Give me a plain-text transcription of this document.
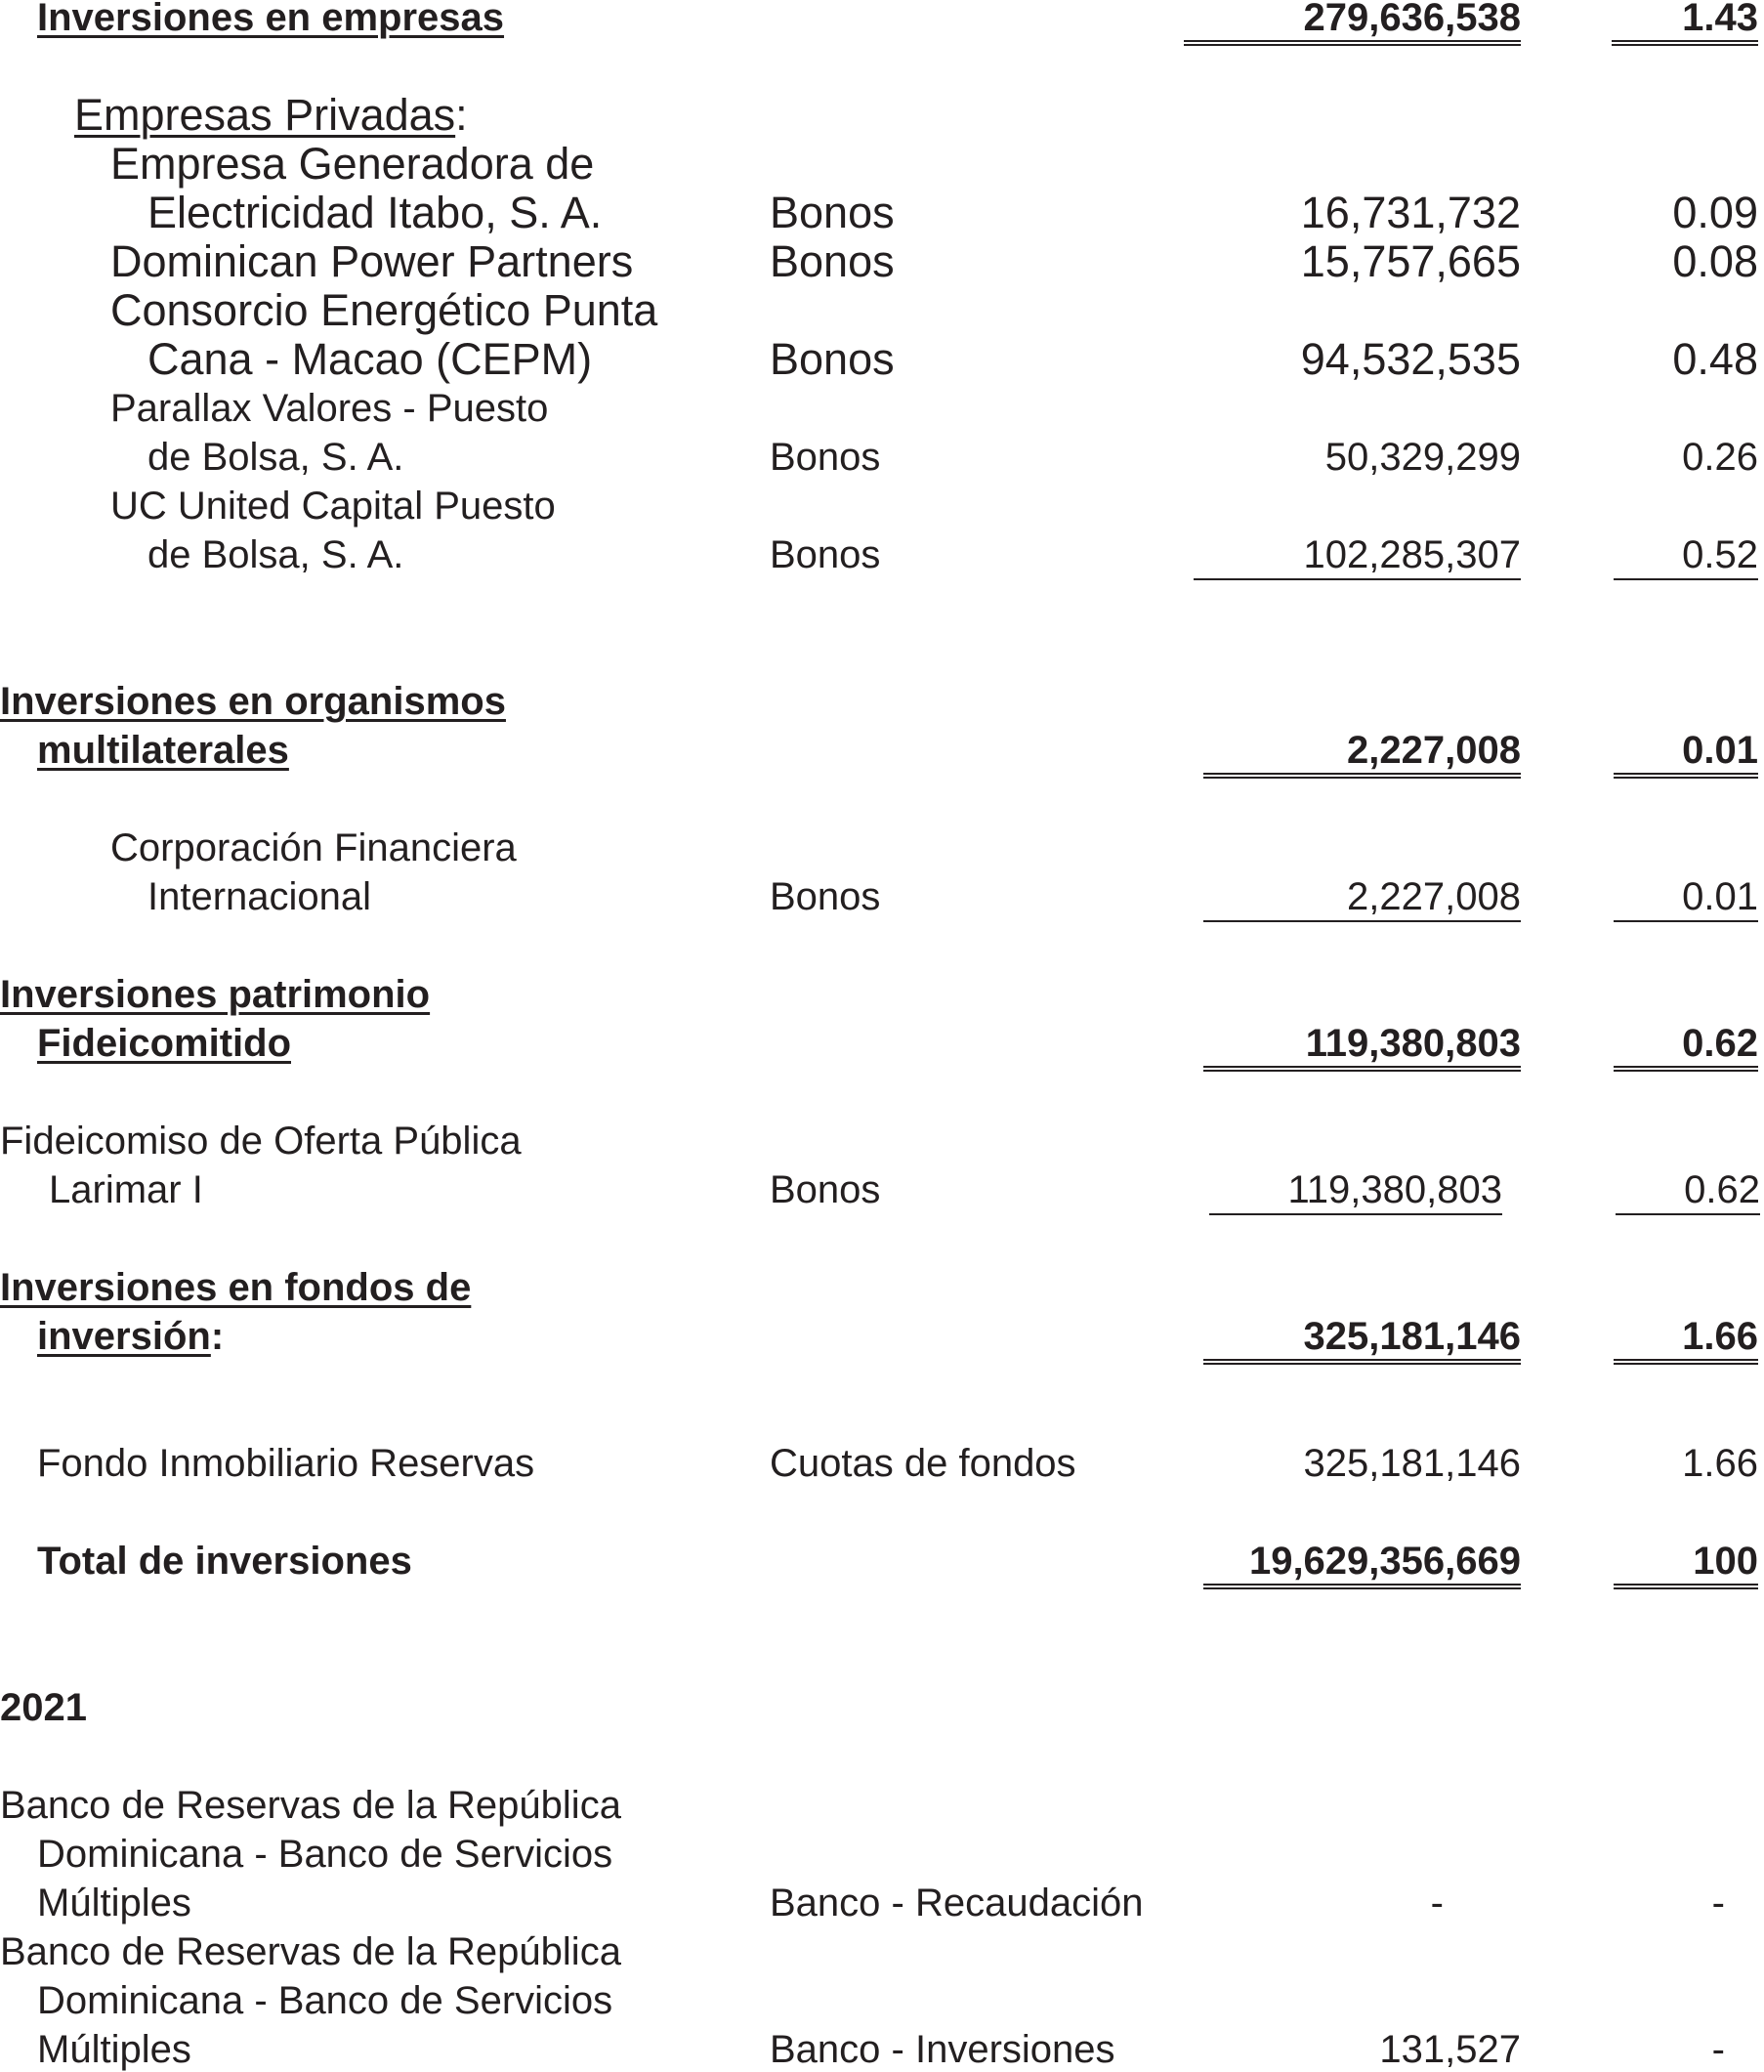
Inversiones en empresas	279,636,538	1.43
Empresas Privadas:
Empresa Generadora de
Electricidad Itabo, S. A.	Bonos	16,731,732	0.09
Dominican Power Partners	Bonos	15,757,665	0.08
Consorcio Energético Punta
Cana - Macao (CEPM)	Bonos	94,532,535	0.48
Parallax Valores - Puesto
de Bolsa, S. A.	Bonos	50,329,299	0.26
UC United Capital Puesto
de Bolsa, S. A.	Bonos	102,285,307	0.52
Inversiones en organismos
multilaterales	2,227,008	0.01
Corporación Financiera
Internacional	Bonos	2,227,008	0.01
Inversiones patrimonio
Fideicomitido	119,380,803	0.62
Fideicomiso de Oferta Pública
Larimar I	Bonos	119,380,803	0.62
Inversiones en fondos de
inversión:	325,181,146	1.66
Fondo Inmobiliario Reservas	Cuotas de fondos	325,181,146	1.66
Total de inversiones	19,629,356,669	100
2021
Banco de Reservas de la República
Dominicana - Banco de Servicios
Múltiples	Banco - Recaudación	-	-
Banco de Reservas de la República
Dominicana - Banco de Servicios
Múltiples	Banco - Inversiones	131,527	-
